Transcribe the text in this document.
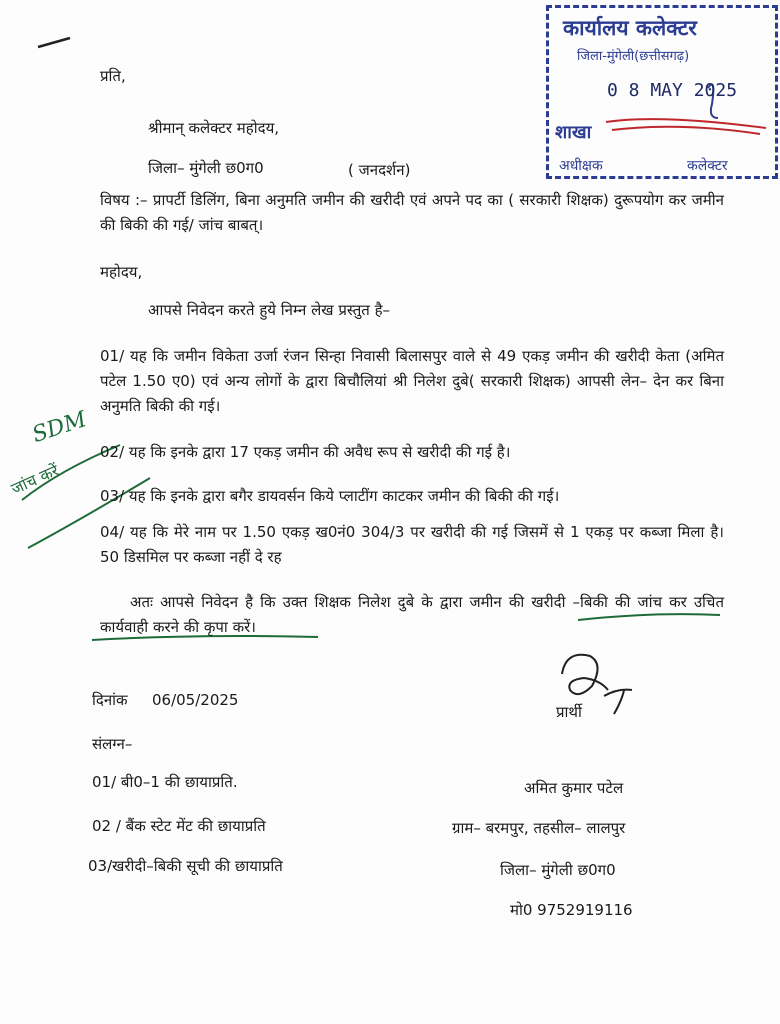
कार्यालय कलेक्टर
जिला-मुंगेली(छत्तीसगढ़)
0 8 MAY 2025
शाखा
अधीक्षक	कलेक्टर
प्रति,
श्रीमान् कलेक्टर महोदय,
जिला– मुंगेली छ0ग0	( जनदर्शन)
विषय :– प्रापर्टी डिलिंग, बिना अनुमति जमीन की खरीदी एवं अपने पद का ( सरकारी शिक्षक) दुरूपयोग कर जमीन की बिकी की गई/ जांच बाबत्।
महोदय,
आपसे निवेदन करते हुये निम्न लेख प्रस्तुत है–
01/ यह कि जमीन विकेता उर्जा रंजन सिन्हा निवासी बिलासपुर वाले से 49 एकड़ जमीन की खरीदी केता (अमित पटेल 1.50 ए0) एवं अन्य लोगों के द्वारा बिचौलियां श्री निलेश दुबे( सरकारी शिक्षक) आपसी लेन– देन कर बिना अनुमति बिकी की गई।
02/ यह कि इनके द्वारा 17 एकड़ जमीन की अवैध रूप से खरीदी की गई है।
03/ यह कि इनके द्वारा बगैर डायवर्सन किये प्लाटींग काटकर जमीन की बिकी की गई।
04/ यह कि मेरे नाम पर 1.50 एकड़ ख0नं0 304/3 पर खरीदी की गई जिसमें से 1 एकड़ पर कब्जा मिला है। 50 डिसमिल पर कब्जा नहीं दे रह
अतः आपसे निवेदन है कि उक्त शिक्षक निलेश दुबे के द्वारा जमीन की खरीदी –बिकी की जांच कर उचित कार्यवाही करने की कृपा करें।
दिनांक 06/05/2025
प्रार्थी
संलग्न–
01/ बी0–1 की छायाप्रति.
02 / बैंक स्टेट मेंट की छायाप्रति
03/खरीदी–बिकी सूची की छायाप्रति
अमित कुमार पटेल
ग्राम– बरमपुर, तहसील– लालपुर
जिला– मुंगेली छ0ग0
मो0 9752919116
SDM
जांच करें
